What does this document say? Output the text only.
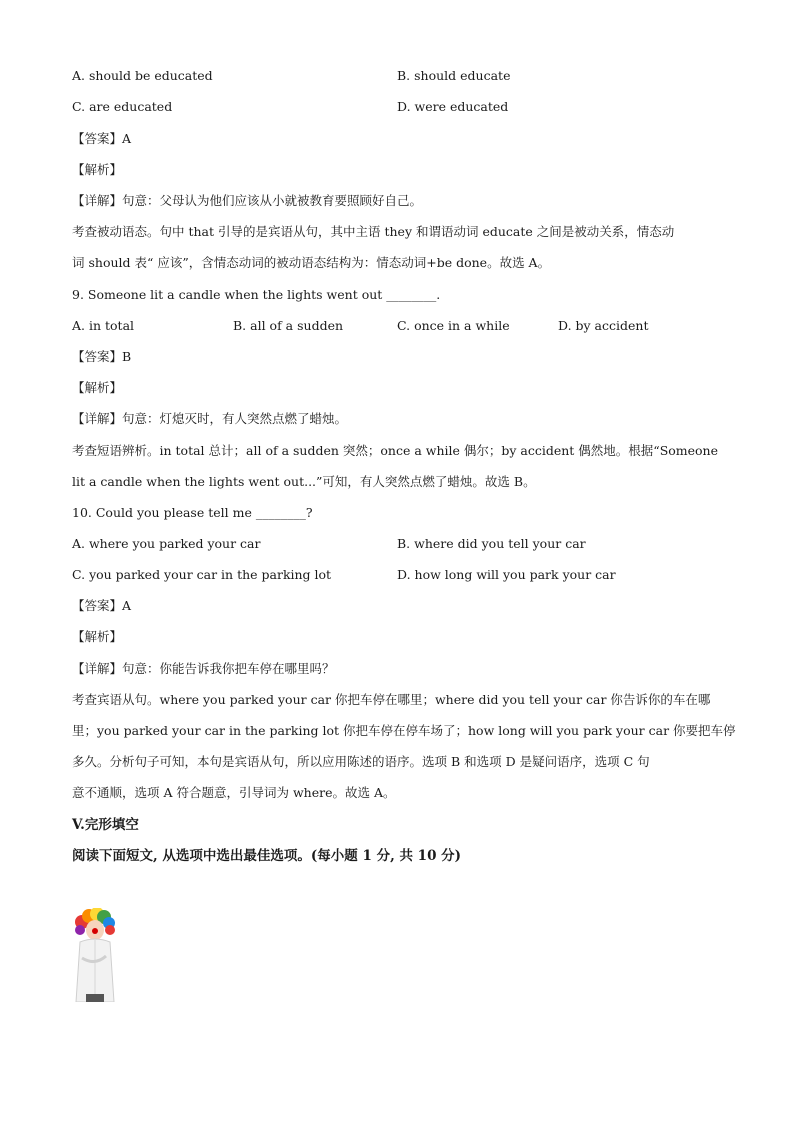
A. should be educated	B. should educate
C. are educated	D. were educated
【答案】A
【解析】
【详解】句意：父母认为他们应该从小就被教育要照顾好自己。
考查被动语态。句中 that 引导的是宾语从句，其中主语 they 和谓语动词 educate 之间是被动关系，情态动
词 should 表“ 应该”，含情态动词的被动语态结构为：情态动词+be done。故选 A。
9. Someone lit a candle when the lights went out ________.
A. in total	B. all of a sudden	C. once in a while	D. by accident
【答案】B
【解析】
【详解】句意：灯熄灭时，有人突然点燃了蜡烛。
考查短语辨析。in total 总计；all of a sudden 突然；once a while 偶尔；by accident 偶然地。根据“Someone
lit a candle when the lights went out...”可知，有人突然点燃了蜡烛。故选 B。
10. Could you please tell me ________?
A. where you parked your car	B. where did you tell your car
C. you parked your car in the parking lot	D. how long will you park your car
【答案】A
【解析】
【详解】句意：你能告诉我你把车停在哪里吗？
考查宾语从句。where you parked your car 你把车停在哪里；where did you tell your car 你告诉你的车在哪
里；you parked your car in the parking lot 你把车停在停车场了；how long will you park your car 你要把车停
多久。分析句子可知，本句是宾语从句，所以应用陈述的语序。选项 B 和选项 D 是疑问语序，选项 C 句
意不通顺，选项 A 符合题意，引导词为 where。故选 A。
V.完形填空
阅读下面短文, 从选项中选出最佳选项。(每小题 1 分, 共 10 分)
